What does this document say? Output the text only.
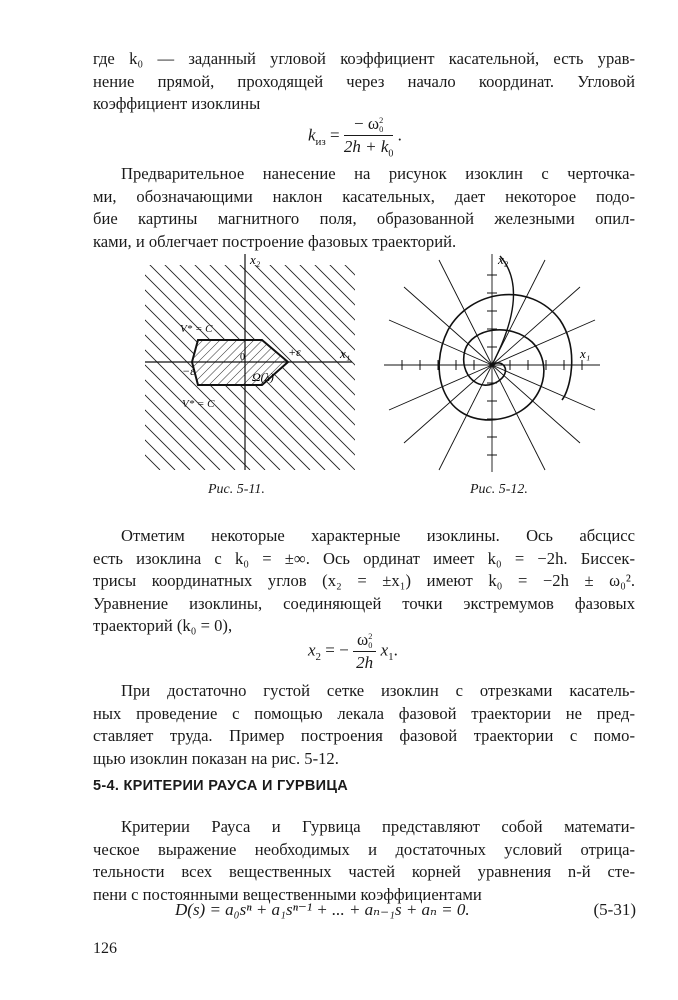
где k₀ — заданный угловой коэффициент касательной, есть урав-
нение прямой, проходящей через начало координат. Угловой
коэффициент изоклины
$k_{из}$ = − ω 2
0
$2h + k_0$ .
Предварительное нанесение на рисунок изоклин с черточка-
ми, обозначающими наклон касательных, дает некоторое подо-
бие картины магнитного поля, образованной железными опил-
ками, и облегчает построение фазовых траекторий.
x₂
x₁
V* = C
V* = C
+ε
−ε
0
Ω(λ)
Рис. 5-11.
x₂
x₁
Рис. 5-12.
Отметим некоторые характерные изоклины. Ось абсцисс
есть изоклина с k₀ = ±∞. Ось ординат имеет k₀ = −2h. Биссек-
трисы координатных углов (x₂ = ±x₁) имеют k₀ = −2h ± ω₀².
Уравнение изоклины, соединяющей точки экстремумов фазовых
траекторий (k₀ = 0),
$x_2$ = − ω 2
0
2h $x_1$.
При достаточно густой сетке изоклин с отрезками касатель-
ных проведение с помощью лекала фазовой траектории не пред-
ставляет труда. Пример построения фазовой траектории с помо-
щью изоклин показан на рис. 5-12.
5-4. КРИТЕРИИ РАУСА И ГУРВИЦА
Критерии Рауса и Гурвица представляют собой математи-
ческое выражение необходимых и достаточных условий отрица-
тельности всех вещественных частей корней уравнения n-й сте-
пени с постоянными вещественными коэффициентами
D(s) = a₀sⁿ + a₁sⁿ⁻¹ + ... + aₙ₋₁s + aₙ = 0.	(5-31)
126
